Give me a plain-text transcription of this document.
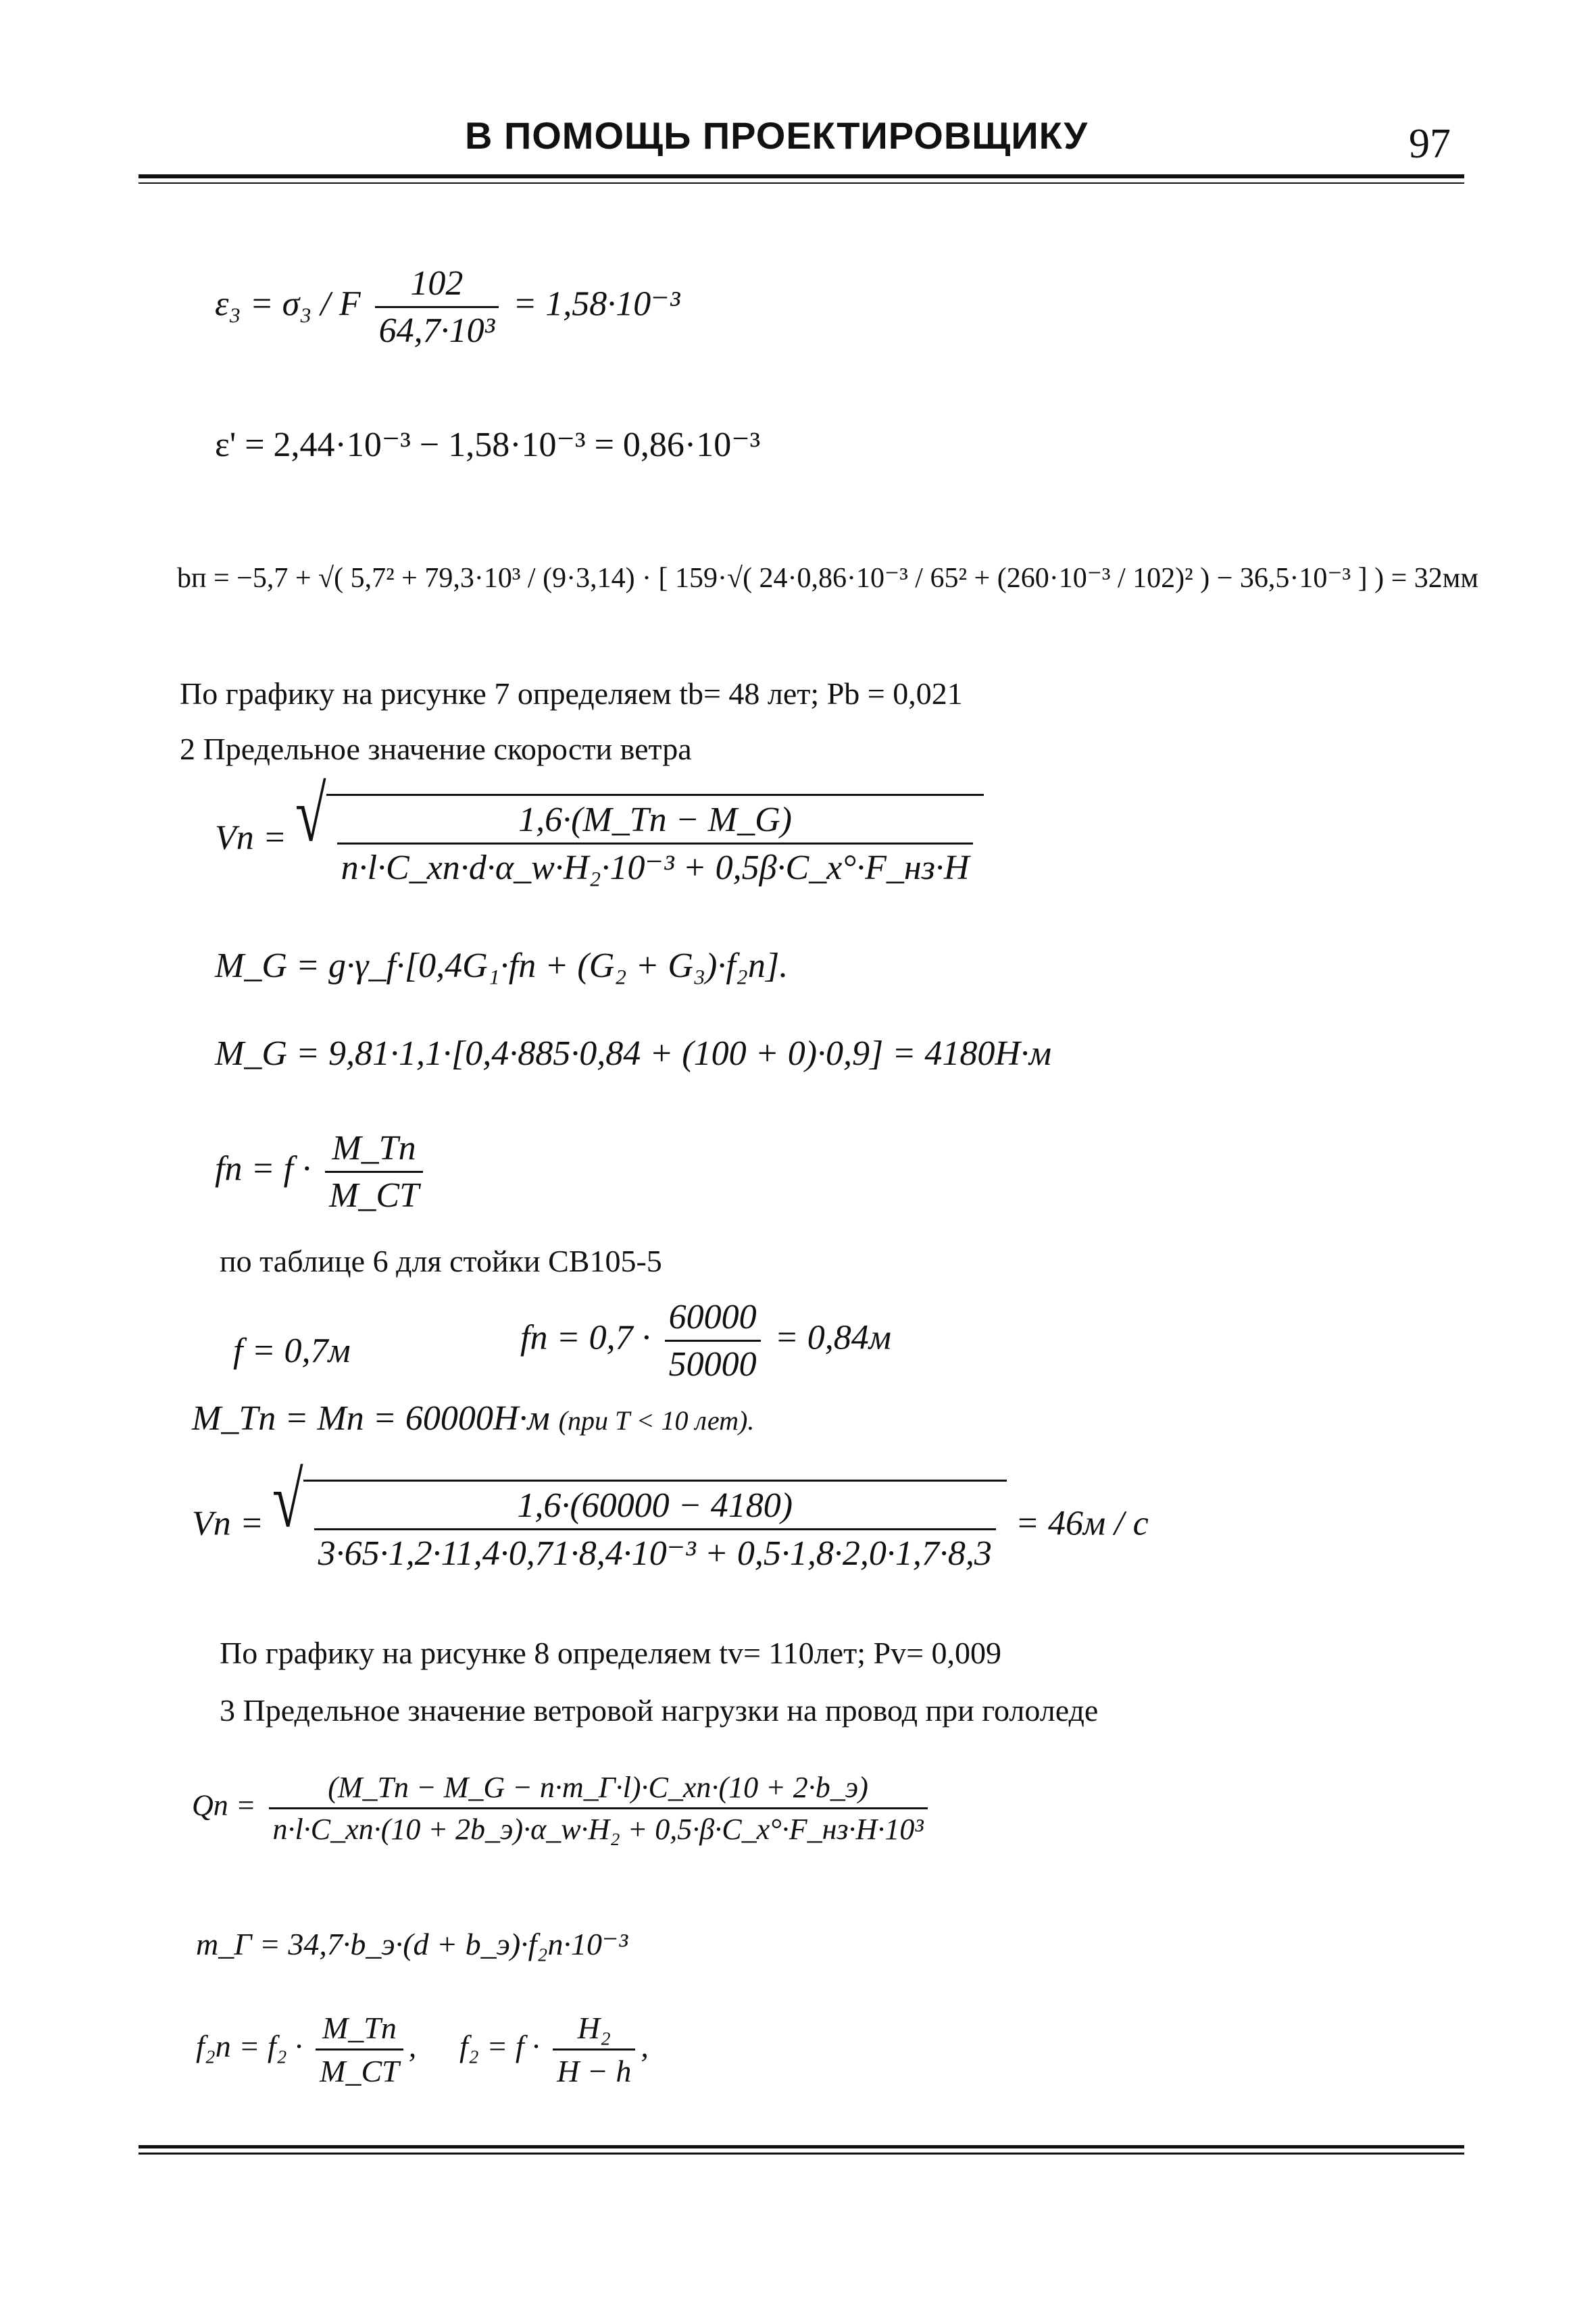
В ПОМОЩЬ ПРОЕКТИРОВЩИКУ	97
ε₃ = σ₃ / F $\frac{102}{\text{64,7·10³}} = 1,58\cdot 10^{-3}$
ε' = 2,44·10⁻³ − 1,58·10⁻³ = 0,86·10⁻³
bᴨ = −5,7 + √( 5,7² + 79,3·10³ / (9·3,14) · [ 159·√( 24·0,86·10⁻³ / 65² + (260·10⁻³ / 102)² ) − 36,5·10⁻³ ] ) = 32мм
По графику на рисунке 7 определяем tb= 48 лет; Pb = 0,021
2 Предельное значение скорости ветра
Vᴨ = √ $\frac{\text{1,6·(M\_Tᴨ − M\_G)}}{\text{n·l·C\_xᴨ·d·α\_w·H₂·10⁻³ + 0,5β·C\_x°·F\_нз·H}}$
M_G = g·γ_f·[0,4G₁·fᴨ + (G₂ + G₃)·f₂ᴨ].
M_G = 9,81·1,1·[0,4·885·0,84 + (100 + 0)·0,9] = 4180H·м
fᴨ = $f \cdot \frac{\text{M\_Tᴨ}}{M\_CT}$
по таблице 6 для стойки СВ105-5
f = 0,7м	fᴨ = $0,7 \cdot \frac{60000}{50000} = 0,84м$
M_Tᴨ = Mᴨ = 60000H·м (при T < 10 лет).
Vᴨ = √ $\frac{1,6\cdot(60000 - 4180)}{\text{3·65·1,2·11,4·0,71·8,4·10⁻³ + 0,5·1,8·2,0·1,7·8,3}} = 46м / с$
По графику на рисунке 8 определяем tv= 110лет; Pv= 0,009
3 Предельное значение ветровой нагрузки на провод при гололеде
Qᴨ = $\frac{\text{(M\_Tᴨ − M\_G − n·m\_Г·l)·C\_xᴨ·(10 + 2·b\_э)}}{\text{n·l·C\_xᴨ·(10 + 2b\_э)·α\_w·H₂ + 0,5·β·C\_x°·F\_нз·H·10³}}$
m_Г = 34,7·b_э·(d + b_э)·f₂ᴨ·10⁻³
f₂ᴨ = $f_2 \cdot \frac{\text{M\_Tᴨ}}{M\_CT}$ , $f_2 = f \cdot \frac{\text{H₂}}{H - h}$ ,
